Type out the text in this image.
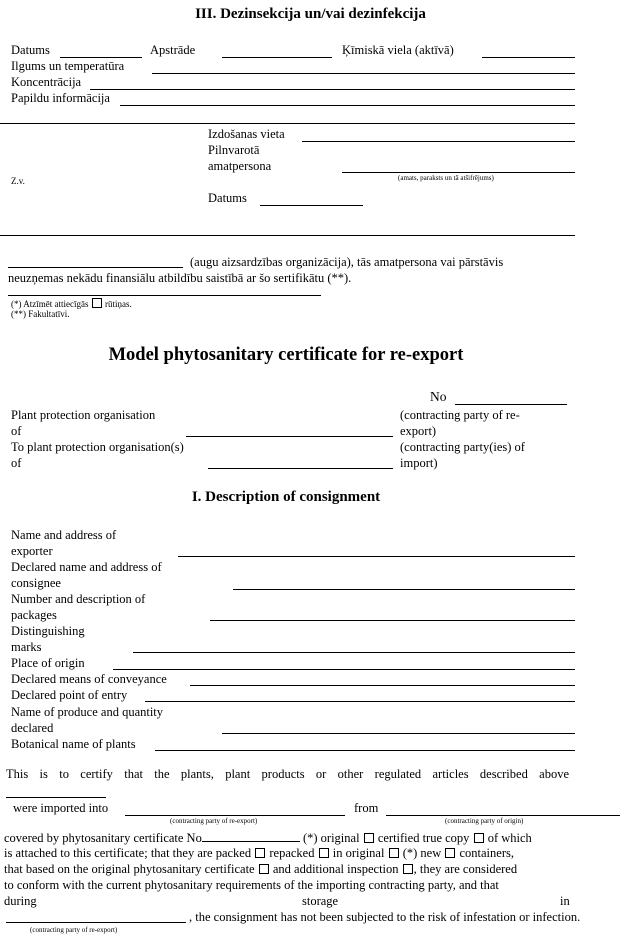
III. Dezinsekcija un/vai dezinfekcija
Datums	Apstrāde	Ķīmiskā viela (aktīvā)
Ilgums un temperatūra
Koncentrācija
Papildu informācija
Izdošanas vieta
Pilnvarotā
amatpersona
(amats, paraksts un tā atšifrējums)
Z.v.
Datums
(augu aizsardzības organizācija), tās amatpersona vai pārstāvis
neuzņemas nekādu finansiālu atbildību saistībā ar šo sertifikātu (**).
(*) Atzīmēt attiecīgās rūtiņas.
(**) Fakultatīvi.
Model phytosanitary certificate for re-export
No
Plant protection organisation
of
(contracting party of re-
export)
To plant protection organisation(s)
of
(contracting party(ies) of
import)
I. Description of consignment
Name and address of
exporter
Declared name and address of
consignee
Number and description of
packages
Distinguishing
marks
Place of origin
Declared means of conveyance
Declared point of entry
Name of produce and quantity
declared
Botanical name of plants
This is to certify that the plants, plant products or other regulated articles described above
were imported into
(contracting party of re-export)
from
(contracting party of origin)
covered by phytosanitary certificate No	(*) original certified true copy of which
is attached to this certificate; that they are packed repacked in original (*) new containers,
that based on the original phytosanitary certificate and additional inspection , they are considered
to conform with the current phytosanitary requirements of the importing contracting party, and that
during	storage	in
, the consignment has not been subjected to the risk of infestation or infection.
(contracting party of re-export)
